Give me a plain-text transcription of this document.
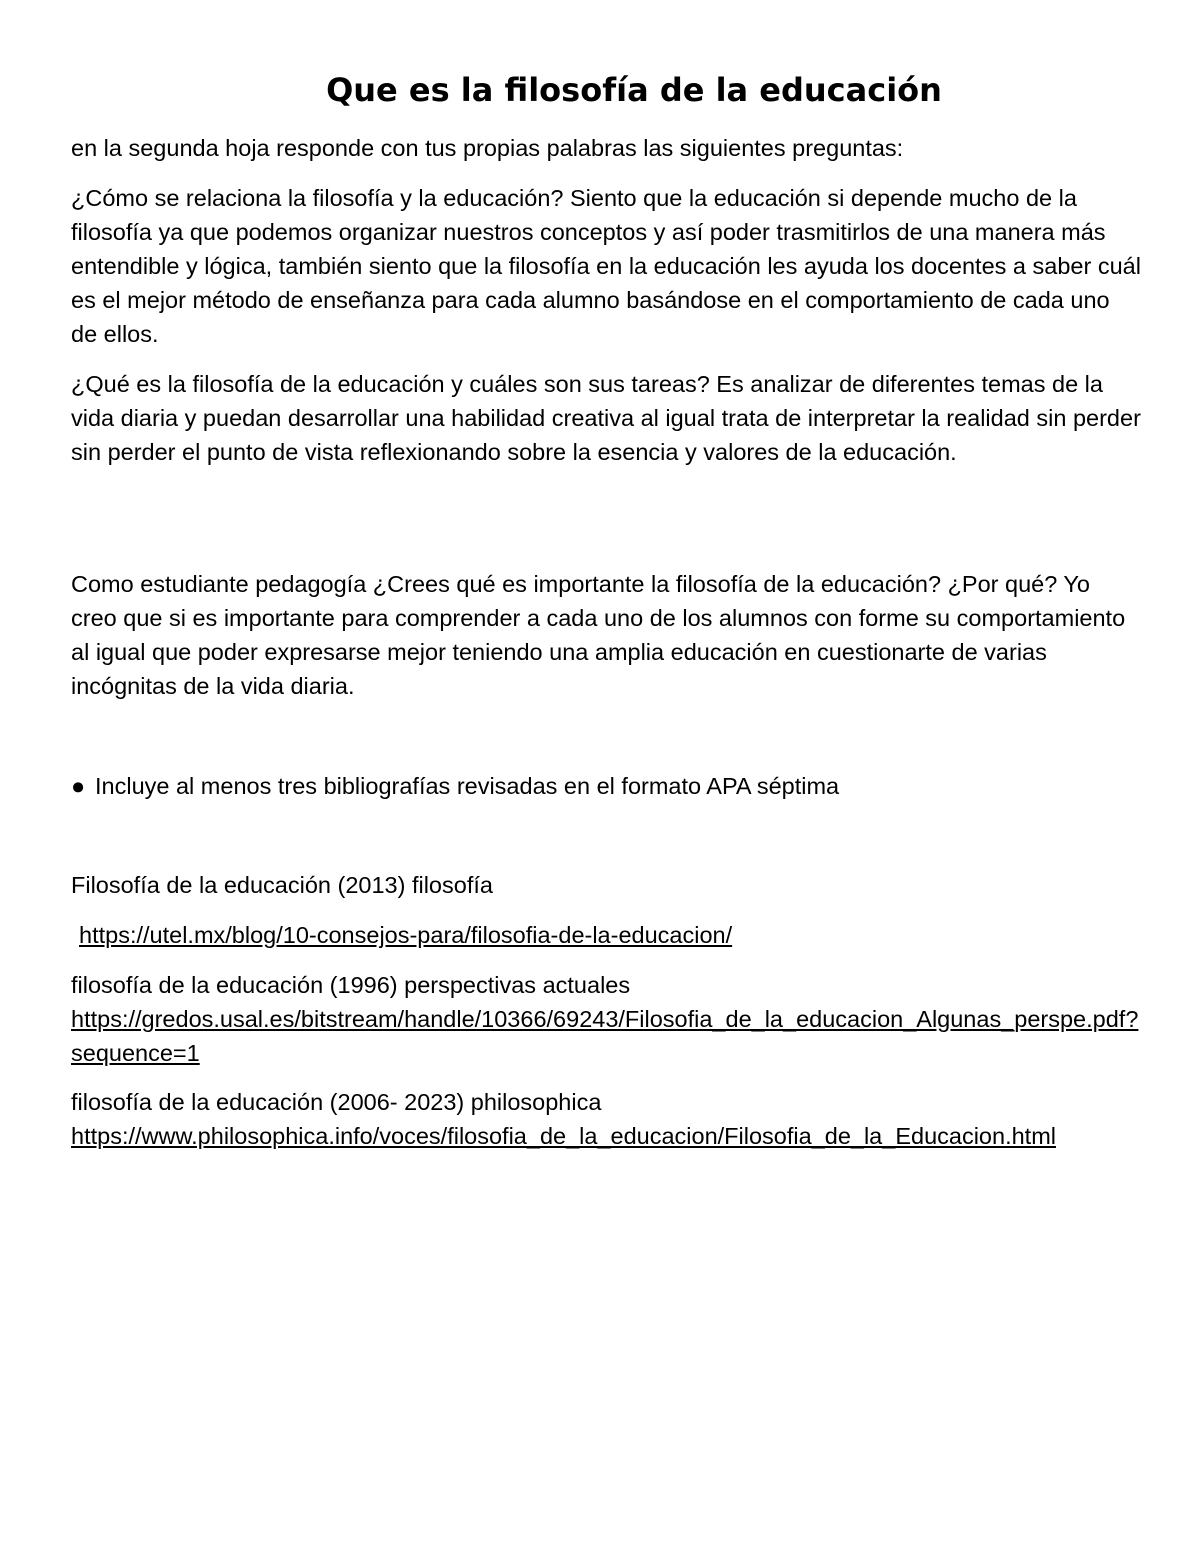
Que es la filosofía de la educación

en la segunda hoja responde con tus propias palabras las siguientes preguntas:

¿Cómo se relaciona la filosofía y la educación? Siento que la educación si depende mucho de la filosofía ya que podemos organizar nuestros conceptos y así poder trasmitirlos de una manera más entendible y lógica, también siento que la filosofía en la educación les ayuda los docentes a saber cuál es el mejor método de enseñanza para cada alumno basándose en el comportamiento de cada uno de ellos.

¿Qué es la filosofía de la educación y cuáles son sus tareas? Es analizar de diferentes temas de la vida diaria y puedan desarrollar una habilidad creativa al igual trata de interpretar la realidad sin perder sin perder el punto de vista reflexionando sobre la esencia y valores de la educación.

Como estudiante pedagogía ¿Crees qué es importante la filosofía de la educación? ¿Por qué? Yo creo que si es importante para comprender a cada uno de los alumnos con forme su comportamiento al igual que poder expresarse mejor teniendo una amplia educación en cuestionarte de varias incógnitas de la vida diaria.

● Incluye al menos tres bibliografías revisadas en el formato APA séptima

Filosofía de la educación (2013) filosofía

https://utel.mx/blog/10-consejos-para/filosofia-de-la-educacion/

filosofía de la educación (1996) perspectivas actuales
https://gredos.usal.es/bitstream/handle/10366/69243/Filosofia_de_la_educacion_Algunas_perspe.pdf?sequence=1

filosofía de la educación (2006- 2023) philosophica
https://www.philosophica.info/voces/filosofia_de_la_educacion/Filosofia_de_la_Educacion.html
